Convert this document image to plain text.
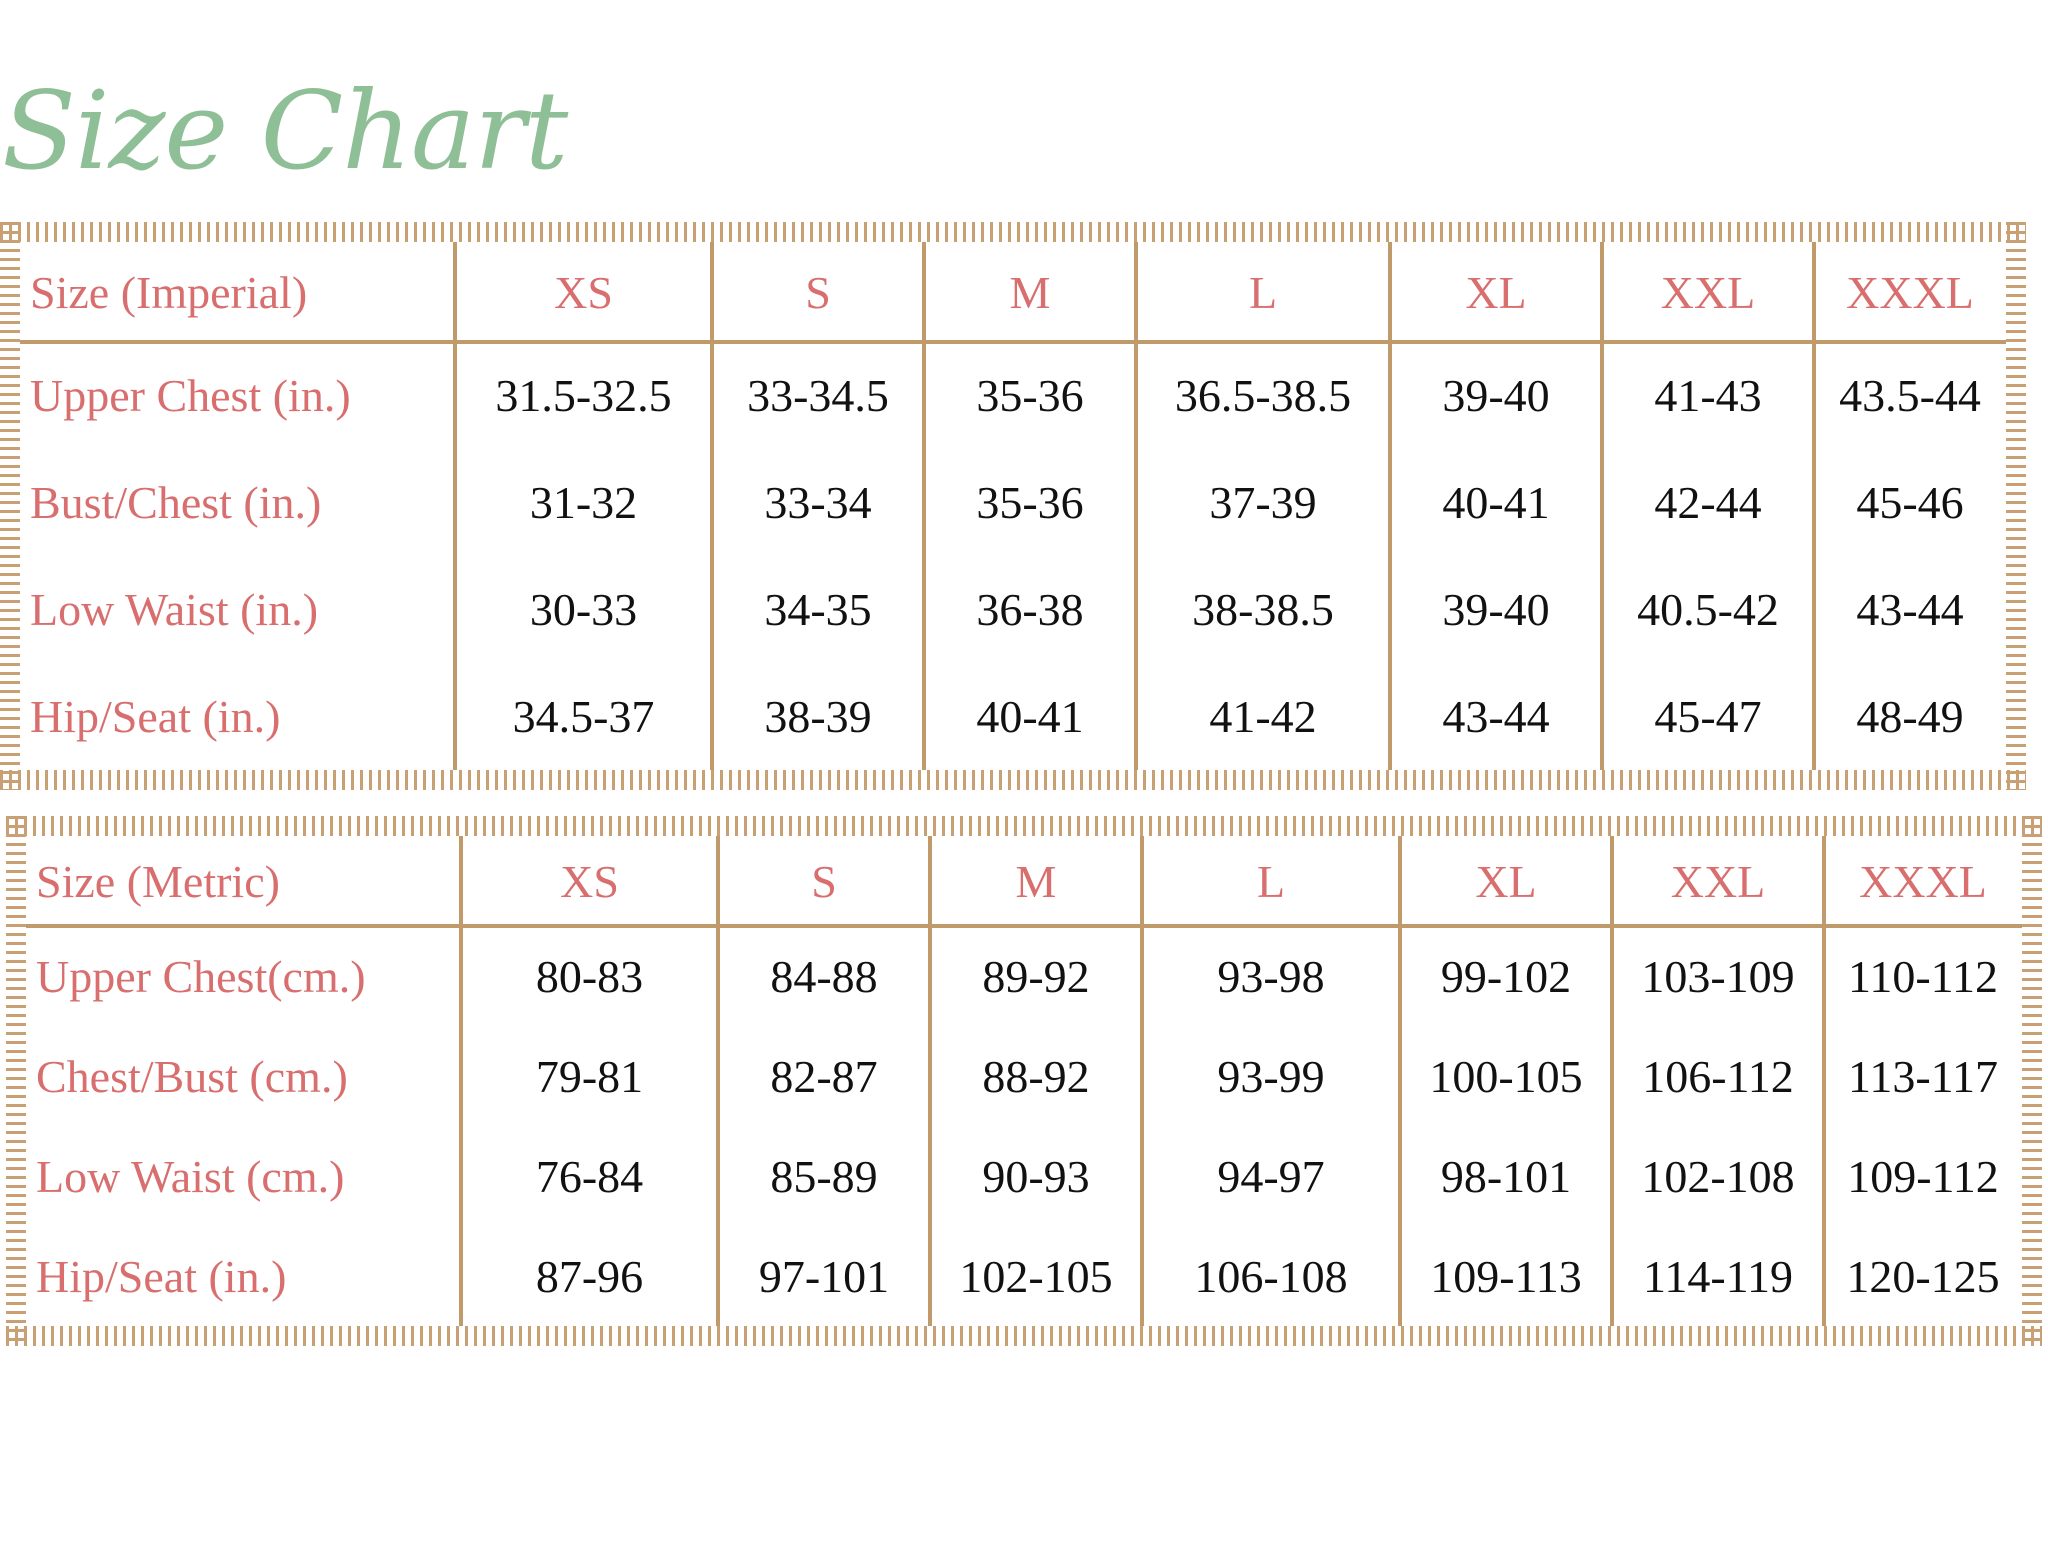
Size Chart
Size (Imperial)	XS	S	M	L	XL	XXL	XXXL
Upper Chest (in.)	31.5-32.5	33-34.5	35-36	36.5-38.5	39-40	41-43	43.5-44
Bust/Chest (in.)	31-32	33-34	35-36	37-39	40-41	42-44	45-46
Low Waist (in.)	30-33	34-35	36-38	38-38.5	39-40	40.5-42	43-44
Hip/Seat (in.)	34.5-37	38-39	40-41	41-42	43-44	45-47	48-49
Size (Metric)	XS	S	M	L	XL	XXL	XXXL
Upper Chest(cm.)	80-83	84-88	89-92	93-98	99-102	103-109	110-112
Chest/Bust (cm.)	79-81	82-87	88-92	93-99	100-105	106-112	113-117
Low Waist (cm.)	76-84	85-89	90-93	94-97	98-101	102-108	109-112
Hip/Seat (in.)	87-96	97-101	102-105	106-108	109-113	114-119	120-125
